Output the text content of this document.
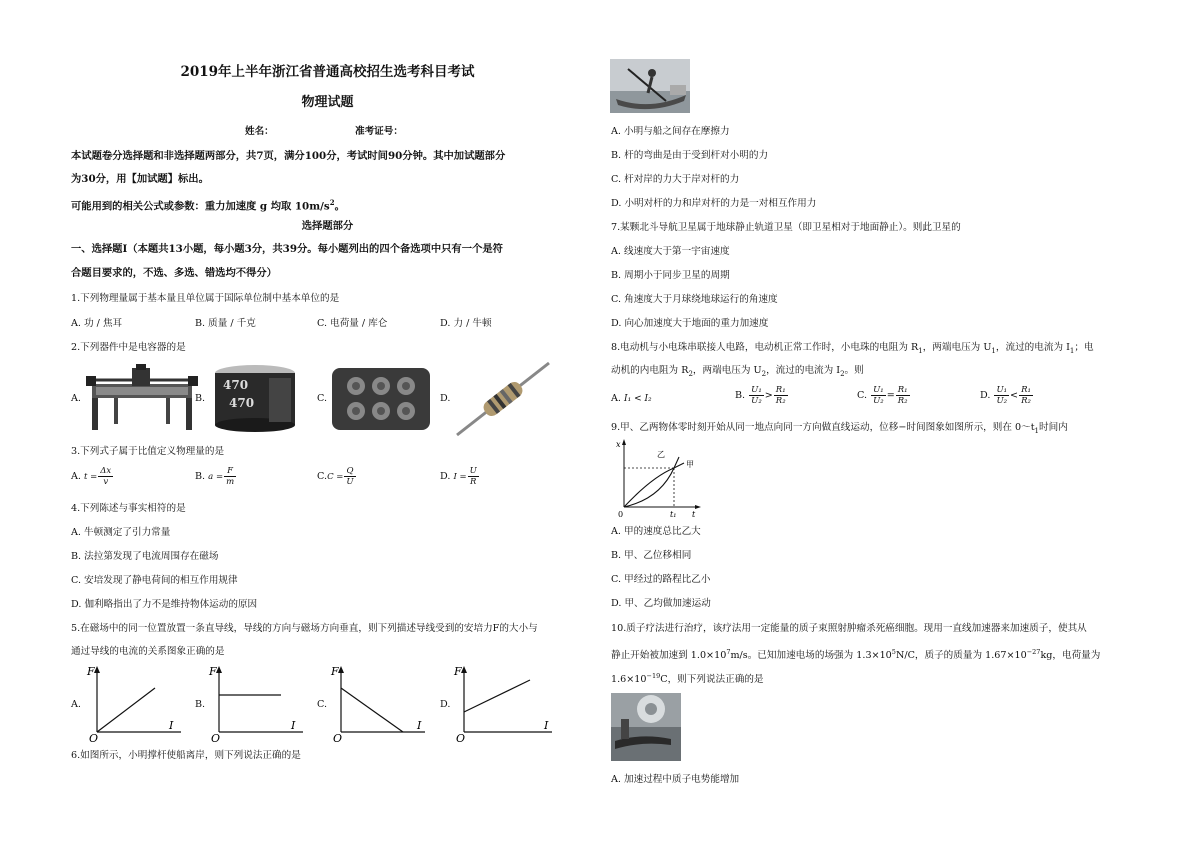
2019年上半年浙江省普通高校招生选考科目考试
物理试题
姓名：	准考证号：
本试题卷分选择题和非选择题两部分，共7页，满分100分，考试时间90分钟。其中加试题部分
为30分，用【加试题】标出。
可能用到的相关公式或参数：重力加速度 g 均取 $10m/s^2$。
选择题部分
一、选择题Ⅰ（本题共13小题，每小题3分，共39分。每小题列出的四个备选项中只有一个是符
合题目要求的，不选、多选、错选均不得分）
1.下列物理量属于基本量且单位属于国际单位制中基本单位的是
A. 功 / 焦耳	B. 质量 / 千克	C. 电荷量 / 库仑	D. 力 / 牛顿
2.下列器件中是电容器的是
A.	B.
470
470	C.	D.
3.下列式子属于比值定义物理量的是
A. $t = \frac{\Delta x}{v}$	B. $a = \frac{F}{m}$	$C.C = \frac{Q}{U}$	D. $I = \frac{U}{R}$
4.下列陈述与事实相符的是
A. 牛顿测定了引力常量
B. 法拉第发现了电流周围存在磁场
C. 安培发现了静电荷间的相互作用规律
D. 伽利略指出了力不是维持物体运动的原因
5.在磁场中的同一位置放置一条直导线，导线的方向与磁场方向垂直，则下列描述导线受到的安培力F的大小与
通过导线的电流的关系图象正确的是
A.	B.	C.	D.
F
I
O
F
I
O
F
I
O
F
I
O
6.如图所示，小明撑杆使船离岸，则下列说法正确的是
A. 小明与船之间存在摩擦力
B. 杆的弯曲是由于受到杆对小明的力
C. 杆对岸的力大于岸对杆的力
D. 小明对杆的力和岸对杆的力是一对相互作用力
7.某颗北斗导航卫星属于地球静止轨道卫星（即卫星相对于地面静止）。则此卫星的
A. 线速度大于第一宇宙速度
B. 周期小于同步卫星的周期
C. 角速度大于月球绕地球运行的角速度
D. 向心加速度大于地面的重力加速度
8.电动机与小电珠串联接人电路，电动机正常工作时，小电珠的电阻为 $R_1$，两端电压为 $U_1$，流过的电流为 $I_1$；电
动机的内电阻为 $R_2$，两端电压为 $U_2$，流过的电流为 $I_2$。则
A. I₁ < I₂	B. $\frac{\text{U₁}}{\text{U₂}} > \frac{\text{R₁}}{\text{R₂}}$	C. $\frac{\text{U₁}}{\text{U₂}} = \frac{\text{R₁}}{\text{R₂}}$	D. $\frac{\text{U₁}}{\text{U₂}} < \frac{\text{R₁}}{\text{R₂}}$
9.甲、乙两物体零时刻开始从同一地点向同一方向做直线运动，位移−时间图象如图所示，则在 $0\sim t_1$时间内
x
t
0	t₁
乙
甲
A. 甲的速度总比乙大
B. 甲、乙位移相同
C. 甲经过的路程比乙小
D. 甲、乙均做加速运动
10.质子疗法进行治疗，该疗法用一定能量的质子束照射肿瘤杀死癌细胞。现用一直线加速器来加速质子，使其从
静止开始被加速到 $1.0\times 10^7m/s$。已知加速电场的场强为 $1.3\times 10^5N/C$，质子的质量为 $1.67\times 10^{-27}kg$，电荷量为
$1.6\times 10^{-19}C$，则下列说法正确的是
A. 加速过程中质子电势能增加
